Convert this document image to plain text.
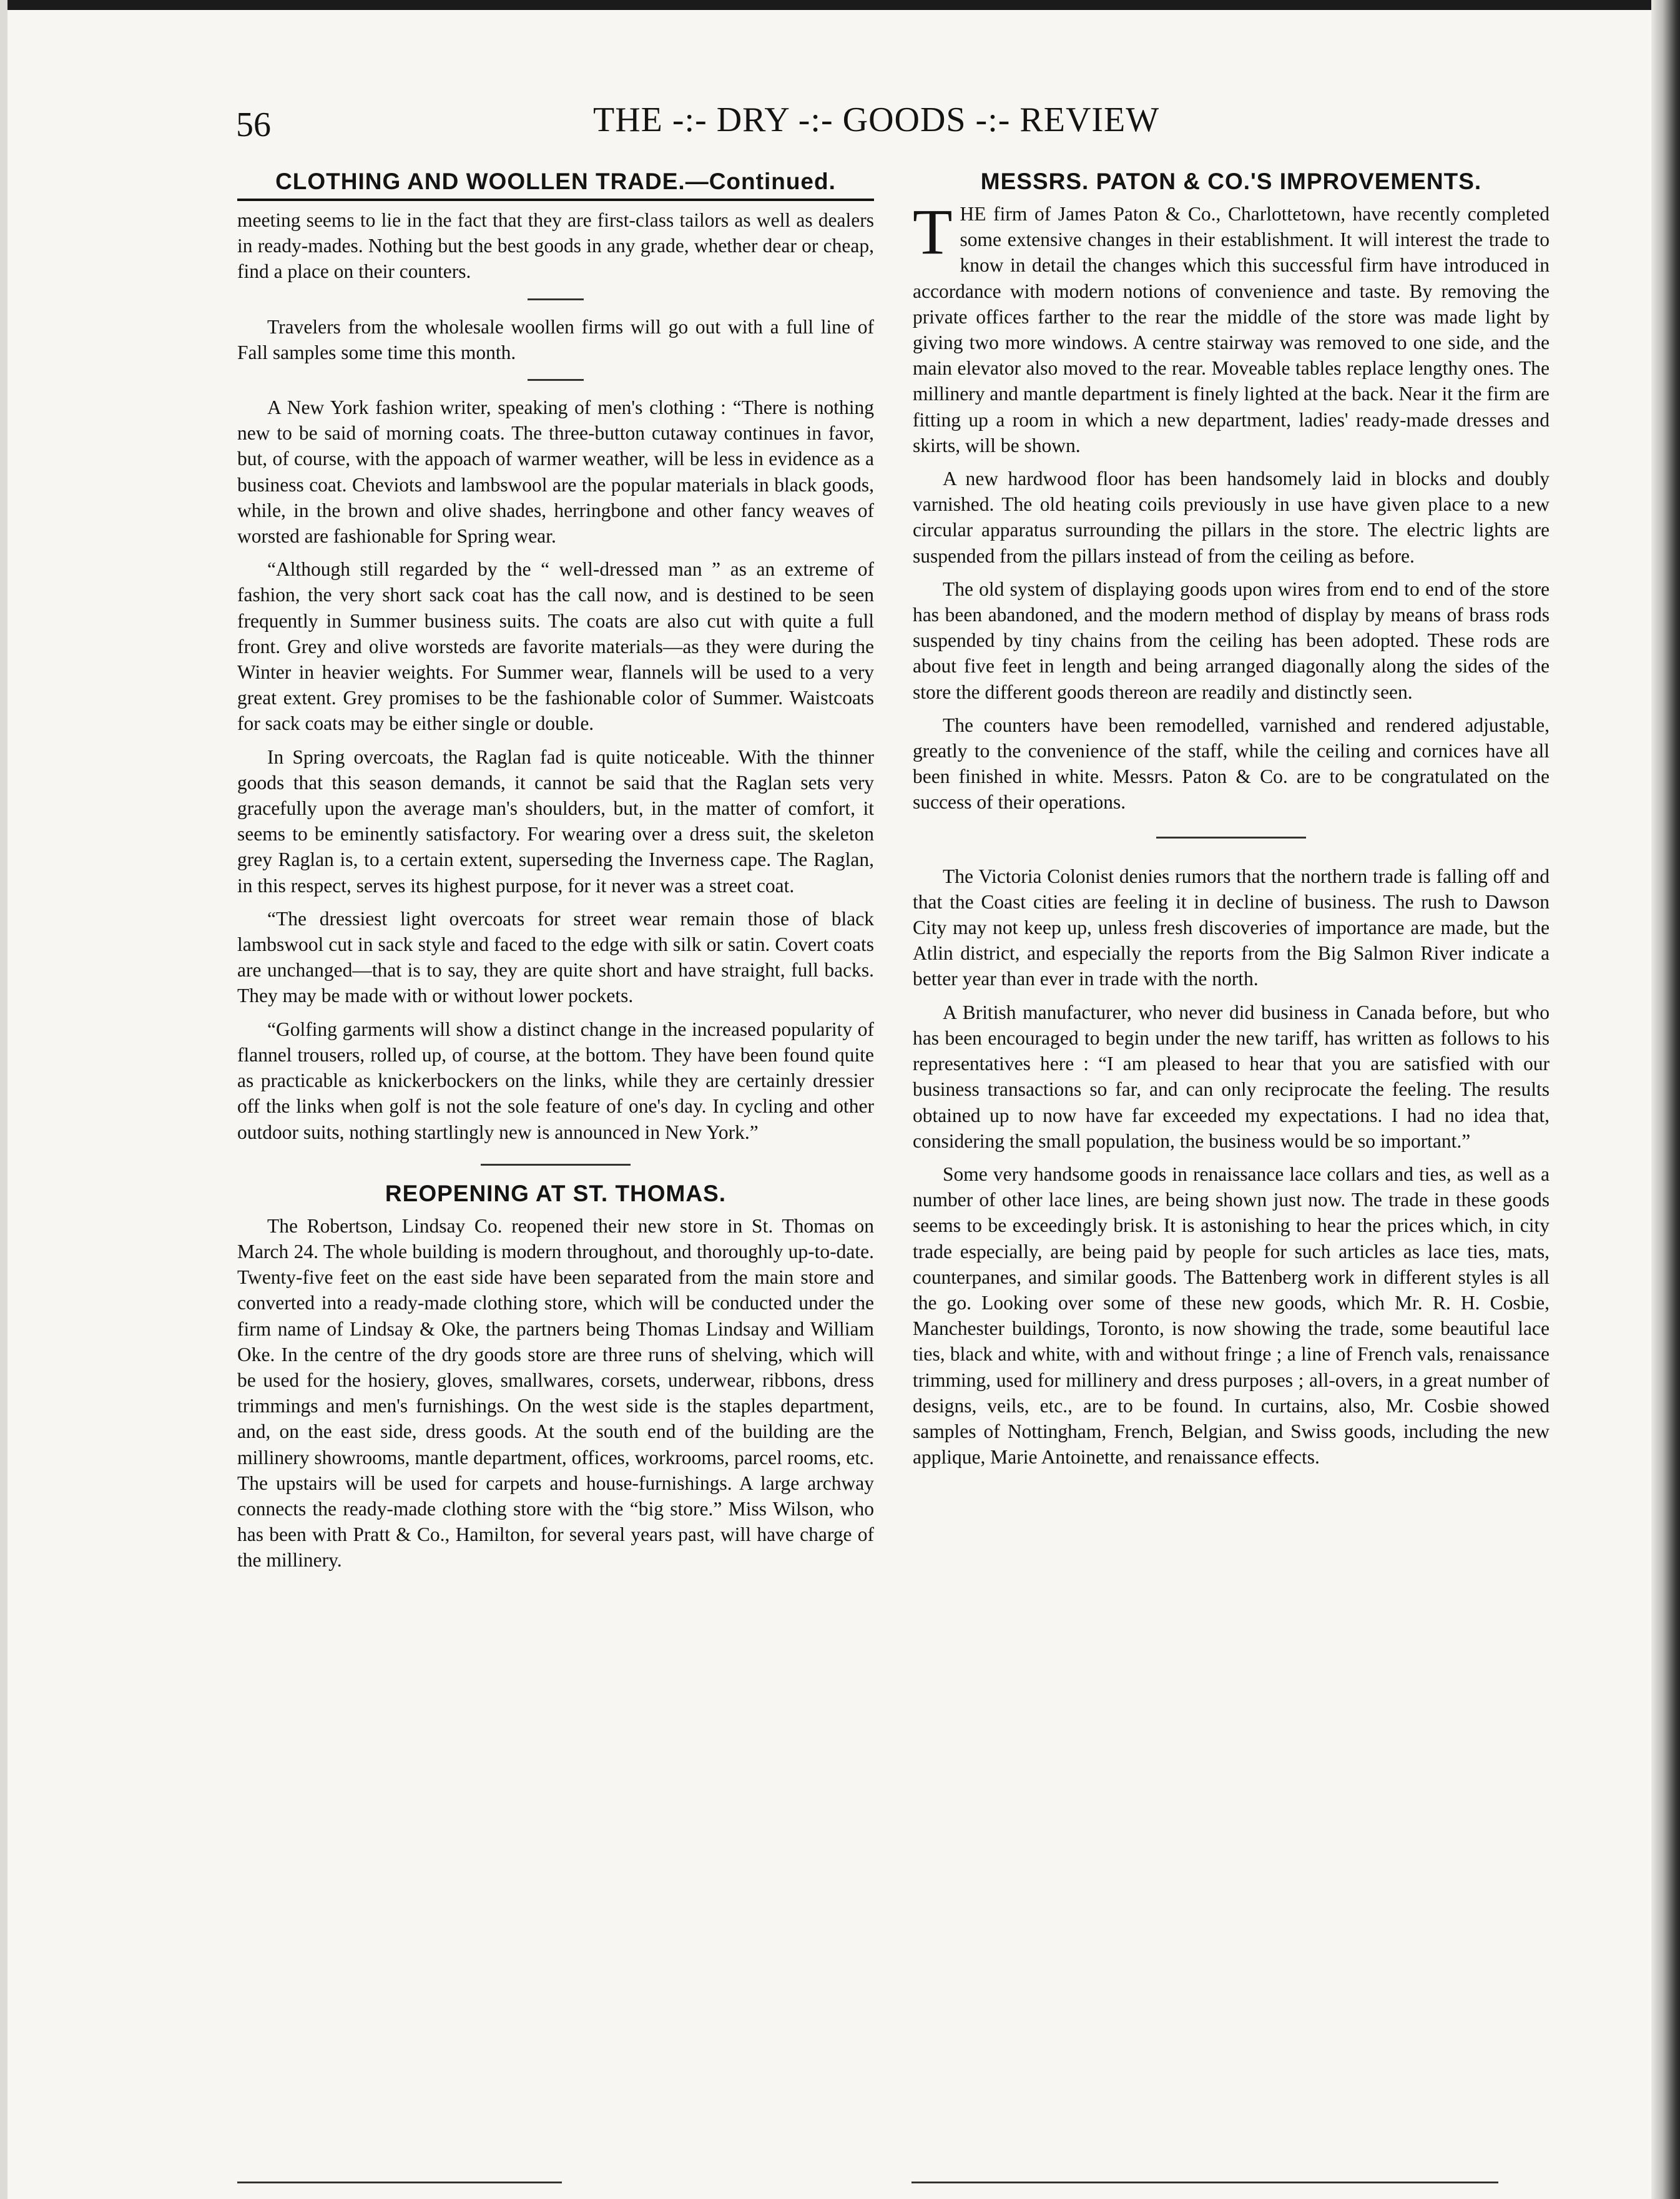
56	THE -:- DRY -:- GOODS -:- REVIEW
CLOTHING AND WOOLLEN TRADE.—Continued.

meeting seems to lie in the fact that they are first-class tailors as well as dealers in ready-mades. Nothing but the best goods in any grade, whether dear or cheap, find a place on their counters.

Travelers from the wholesale woollen firms will go out with a full line of Fall samples some time this month.

A New York fashion writer, speaking of men's clothing : “There is nothing new to be said of morning coats. The three-button cutaway continues in favor, but, of course, with the appoach of warmer weather, will be less in evidence as a business coat. Cheviots and lambswool are the popular materials in black goods, while, in the brown and olive shades, herringbone and other fancy weaves of worsted are fashionable for Spring wear.

“Although still regarded by the “ well-dressed man ” as an extreme of fashion, the very short sack coat has the call now, and is destined to be seen frequently in Summer business suits. The coats are also cut with quite a full front. Grey and olive worsteds are favorite materials—as they were during the Winter in heavier weights. For Summer wear, flannels will be used to a very great extent. Grey promises to be the fashionable color of Summer. Waistcoats for sack coats may be either single or double.

In Spring overcoats, the Raglan fad is quite noticeable. With the thinner goods that this season demands, it cannot be said that the Raglan sets very gracefully upon the average man's shoulders, but, in the matter of comfort, it seems to be eminently satisfactory. For wearing over a dress suit, the skeleton grey Raglan is, to a certain extent, superseding the Inverness cape. The Raglan, in this respect, serves its highest purpose, for it never was a street coat.

“The dressiest light overcoats for street wear remain those of black lambswool cut in sack style and faced to the edge with silk or satin. Covert coats are unchanged—that is to say, they are quite short and have straight, full backs. They may be made with or without lower pockets.

“Golfing garments will show a distinct change in the increased popularity of flannel trousers, rolled up, of course, at the bottom. They have been found quite as practicable as knickerbockers on the links, while they are certainly dressier off the links when golf is not the sole feature of one's day. In cycling and other outdoor suits, nothing startlingly new is announced in New York.”

REOPENING AT ST. THOMAS.

The Robertson, Lindsay Co. reopened their new store in St. Thomas on March 24. The whole building is modern throughout, and thoroughly up-to-date. Twenty-five feet on the east side have been separated from the main store and converted into a ready-made clothing store, which will be conducted under the firm name of Lindsay & Oke, the partners being Thomas Lindsay and William Oke. In the centre of the dry goods store are three runs of shelving, which will be used for the hosiery, gloves, smallwares, corsets, underwear, ribbons, dress trimmings and men's furnishings. On the west side is the staples department, and, on the east side, dress goods. At the south end of the building are the millinery showrooms, mantle department, offices, workrooms, parcel rooms, etc. The upstairs will be used for carpets and house-furnishings. A large archway connects the ready-made clothing store with the “big store.” Miss Wilson, who has been with Pratt & Co., Hamilton, for several years past, will have charge of the millinery.

MESSRS. PATON & CO.'S IMPROVEMENTS.

THE firm of James Paton & Co., Charlottetown, have recently completed some extensive changes in their establishment. It will interest the trade to know in detail the changes which this successful firm have introduced in accordance with modern notions of convenience and taste. By removing the private offices farther to the rear the middle of the store was made light by giving two more windows. A centre stairway was removed to one side, and the main elevator also moved to the rear. Moveable tables replace lengthy ones. The millinery and mantle department is finely lighted at the back. Near it the firm are fitting up a room in which a new department, ladies' ready-made dresses and skirts, will be shown.

A new hardwood floor has been handsomely laid in blocks and doubly varnished. The old heating coils previously in use have given place to a new circular apparatus surrounding the pillars in the store. The electric lights are suspended from the pillars instead of from the ceiling as before.

The old system of displaying goods upon wires from end to end of the store has been abandoned, and the modern method of display by means of brass rods suspended by tiny chains from the ceiling has been adopted. These rods are about five feet in length and being arranged diagonally along the sides of the store the different goods thereon are readily and distinctly seen.

The counters have been remodelled, varnished and rendered adjustable, greatly to the convenience of the staff, while the ceiling and cornices have all been finished in white. Messrs. Paton & Co. are to be congratulated on the success of their operations.

The Victoria Colonist denies rumors that the northern trade is falling off and that the Coast cities are feeling it in decline of business. The rush to Dawson City may not keep up, unless fresh discoveries of importance are made, but the Atlin district, and especially the reports from the Big Salmon River indicate a better year than ever in trade with the north.

A British manufacturer, who never did business in Canada before, but who has been encouraged to begin under the new tariff, has written as follows to his representatives here : “I am pleased to hear that you are satisfied with our business transactions so far, and can only reciprocate the feeling. The results obtained up to now have far exceeded my expectations. I had no idea that, considering the small population, the business would be so important.”

Some very handsome goods in renaissance lace collars and ties, as well as a number of other lace lines, are being shown just now. The trade in these goods seems to be exceedingly brisk. It is astonishing to hear the prices which, in city trade especially, are being paid by people for such articles as lace ties, mats, counterpanes, and similar goods. The Battenberg work in different styles is all the go. Looking over some of these new goods, which Mr. R. H. Cosbie, Manchester buildings, Toronto, is now showing the trade, some beautiful lace ties, black and white, with and without fringe ; a line of French vals, renaissance trimming, used for millinery and dress purposes ; all-overs, in a great number of designs, veils, etc., are to be found. In curtains, also, Mr. Cosbie showed samples of Nottingham, French, Belgian, and Swiss goods, including the new applique, Marie Antoinette, and renaissance effects.
